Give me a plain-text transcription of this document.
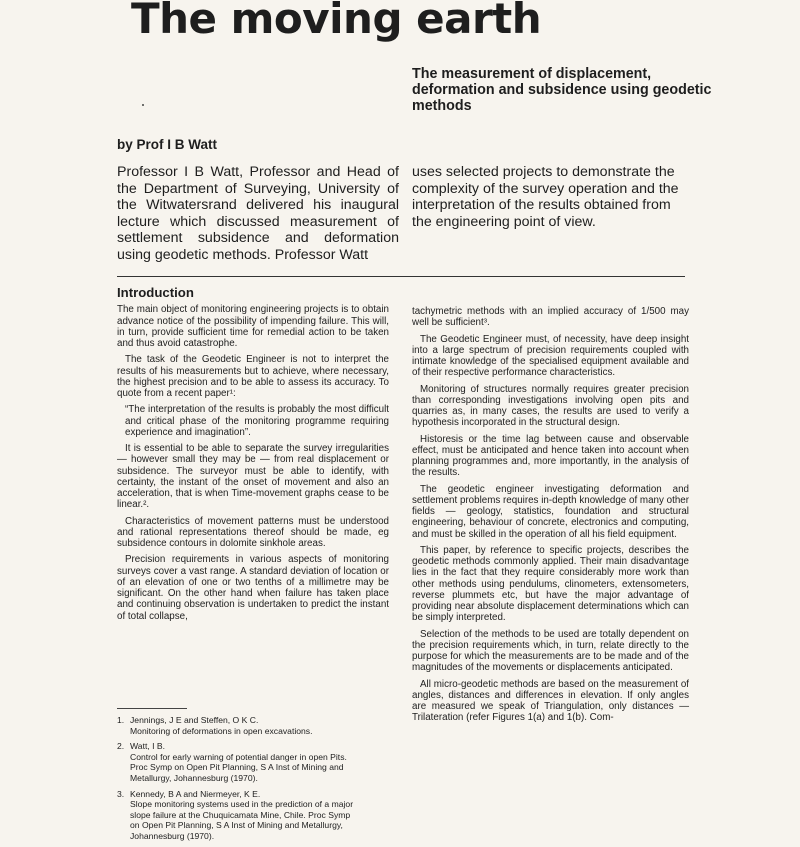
The moving earth

The measurement of displacement, deformation and subsidence using geodetic methods

by Prof I B Watt

Professor I B Watt, Professor and Head of
the Department of Surveying, University of
the Witwatersrand delivered his inaugural
lecture which discussed measurement of
settlement subsidence and deformation
using geodetic methods. Professor Watt
uses selected projects to demonstrate the
complexity of the survey operation and the
interpretation of the results obtained from
the engineering point of view.
Introduction

The main object of monitoring engineering projects is to obtain advance notice of the possibility of impending failure. This will, in turn, provide sufficient time for remedial action to be taken and thus avoid catastrophe.

The task of the Geodetic Engineer is not to interpret the results of his measurements but to achieve, where necessary, the highest precision and to be able to assess its accuracy. To quote from a recent paper¹:

“The interpretation of the results is probably the most difficult and critical phase of the monitoring programme requiring experience and imagination”.

It is essential to be able to separate the survey irregularities — however small they may be — from real displacement or subsidence. The surveyor must be able to identify, with certainty, the instant of the onset of movement and also an acceleration, that is when Time-movement graphs cease to be linear.².

Characteristics of movement patterns must be understood and rational representations thereof should be made, eg subsidence contours in dolomite sinkhole areas.

Precision requirements in various aspects of monitoring surveys cover a vast range. A standard deviation of location or of an elevation of one or two tenths of a millimetre may be significant. On the other hand when failure has taken place and continuing observation is undertaken to predict the instant of total collapse,

tachymetric methods with an implied accuracy of 1/500 may well be sufficient³.

The Geodetic Engineer must, of necessity, have deep insight into a large spectrum of precision requirements coupled with intimate knowledge of the specialised equipment available and of their respective performance characteristics.

Monitoring of structures normally requires greater precision than corresponding investigations involving open pits and quarries as, in many cases, the results are used to verify a hypothesis incorporated in the structural design.

Historesis or the time lag between cause and observable effect, must be anticipated and hence taken into account when planning programmes and, more importantly, in the analysis of the results.

The geodetic engineer investigating deformation and settlement problems requires in-depth knowledge of many other fields — geology, statistics, foundation and structural engineering, behaviour of concrete, electronics and computing, and must be skilled in the operation of all his field equipment.

This paper, by reference to specific projects, describes the geodetic methods commonly applied. Their main disadvantage lies in the fact that they require considerably more work than other methods using pendulums, clinometers, extensometers, reverse plummets etc, but have the major advantage of providing near absolute displacement determinations which can be simply interpreted.

Selection of the methods to be used are totally dependent on the precision requirements which, in turn, relate directly to the purpose for which the measurements are to be made and of the magnitudes of the movements or displacements anticipated.

All micro-geodetic methods are based on the measurement of angles, distances and differences in elevation. If only angles are measured we speak of Triangulation, only distances — Trilateration (refer Figures 1(a) and 1(b). Com-

1. Jennings, J E and Steffen, O K C.
Monitoring of deformations in open excavations.
2. Watt, I B.
Control for early warning of potential danger in open Pits.
Proc Symp on Open Pit Planning, S A Inst of Mining and
Metallurgy, Johannesburg (1970).
3. Kennedy, B A and Niermeyer, K E.
Slope monitoring systems used in the prediction of a major
slope failure at the Chuquicamata Mine, Chile. Proc Symp
on Open Pit Planning, S A Inst of Mining and Metallurgy,
Johannesburg (1970).
